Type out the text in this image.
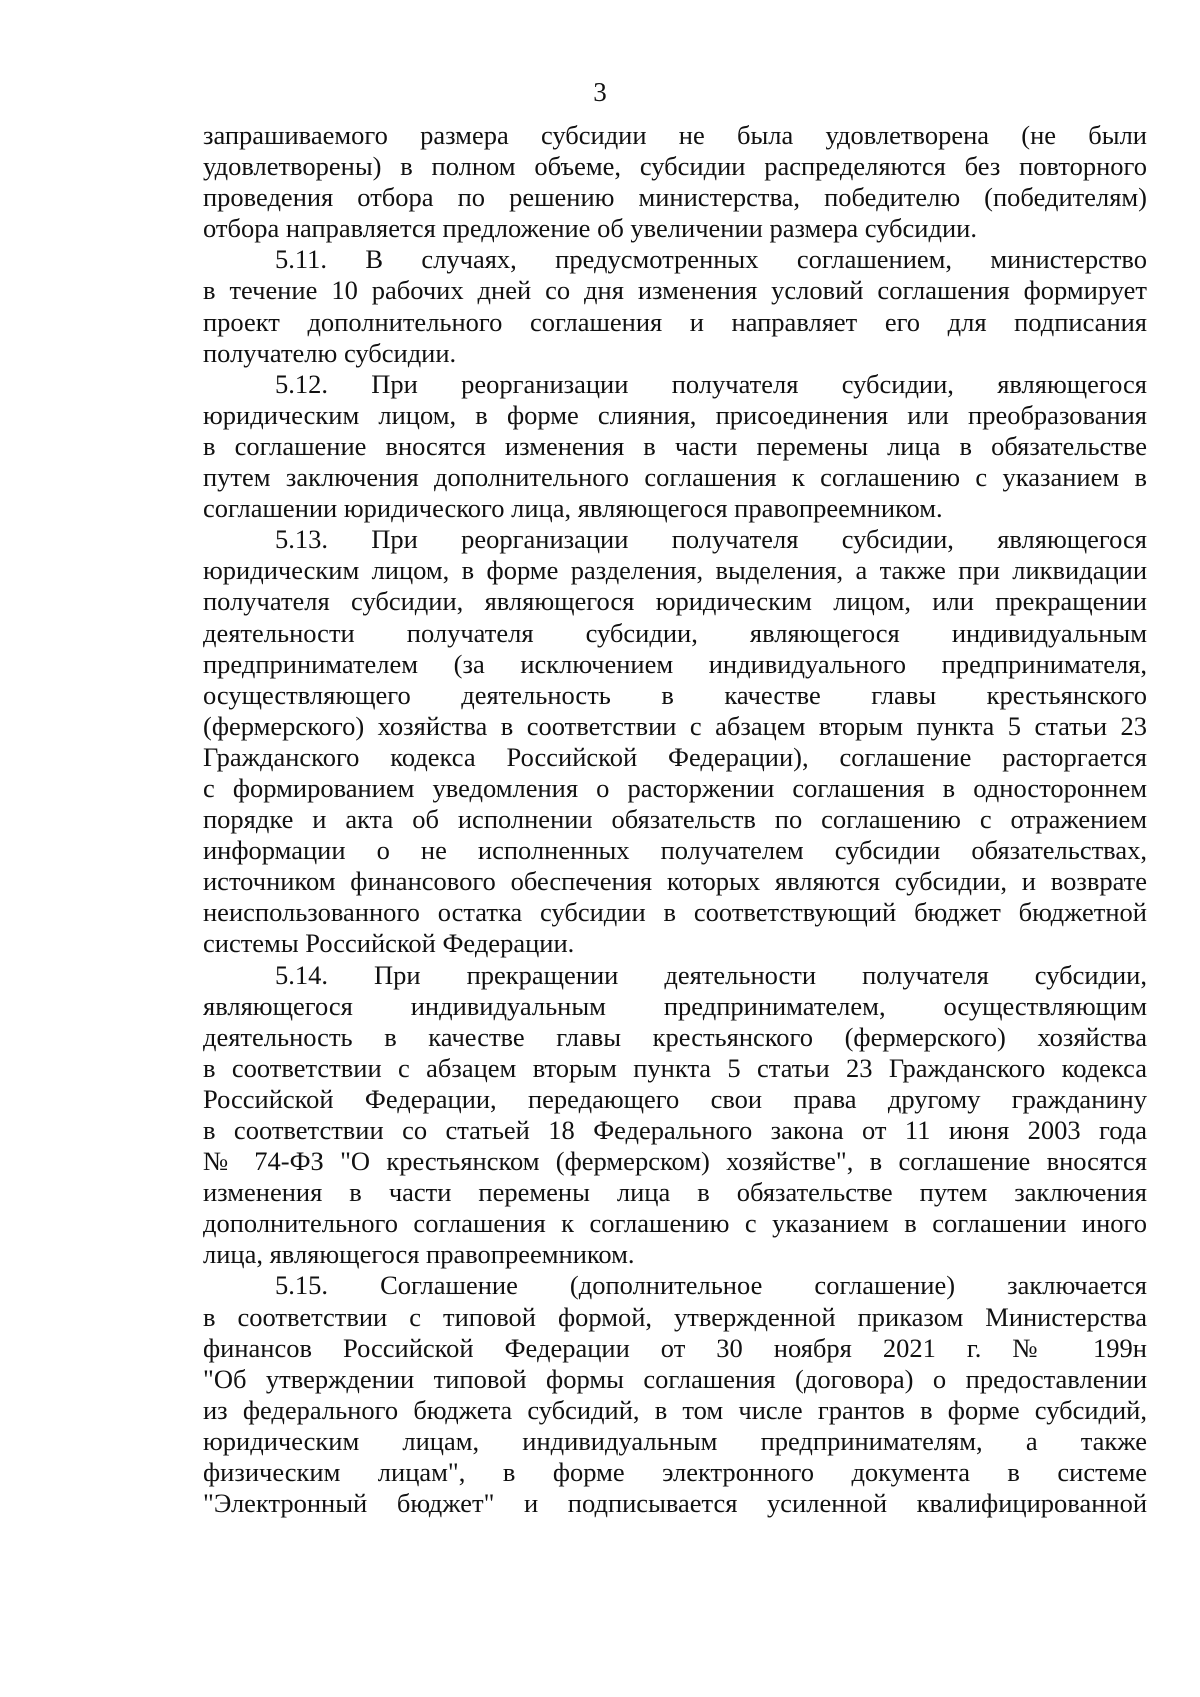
3
запрашиваемого размера субсидии не была удовлетворена (не были
удовлетворены) в полном объеме, субсидии распределяются без повторного
проведения отбора по решению министерства, победителю (победителям)
отбора направляется предложение об увеличении размера субсидии.
5.11. В случаях, предусмотренных соглашением, министерство
в течение 10 рабочих дней со дня изменения условий соглашения формирует
проект дополнительного соглашения и направляет его для подписания
получателю субсидии.
5.12. При реорганизации получателя субсидии, являющегося
юридическим лицом, в форме слияния, присоединения или преобразования
в соглашение вносятся изменения в части перемены лица в обязательстве
путем заключения дополнительного соглашения к соглашению с указанием в
соглашении юридического лица, являющегося правопреемником.
5.13. При реорганизации получателя субсидии, являющегося
юридическим лицом, в форме разделения, выделения, а также при ликвидации
получателя субсидии, являющегося юридическим лицом, или прекращении
деятельности получателя субсидии, являющегося индивидуальным
предпринимателем (за исключением индивидуального предпринимателя,
осуществляющего деятельность в качестве главы крестьянского
(фермерского) хозяйства в соответствии с абзацем вторым пункта 5 статьи 23
Гражданского кодекса Российской Федерации), соглашение расторгается
с формированием уведомления о расторжении соглашения в одностороннем
порядке и акта об исполнении обязательств по соглашению с отражением
информации о не исполненных получателем субсидии обязательствах,
источником финансового обеспечения которых являются субсидии, и возврате
неиспользованного остатка субсидии в соответствующий бюджет бюджетной
системы Российской Федерации.
5.14. При прекращении деятельности получателя субсидии,
являющегося индивидуальным предпринимателем, осуществляющим
деятельность в качестве главы крестьянского (фермерского) хозяйства
в соответствии с абзацем вторым пункта 5 статьи 23 Гражданского кодекса
Российской Федерации, передающего свои права другому гражданину
в соответствии со статьей 18 Федерального закона от 11 июня 2003 года
№ 74-ФЗ "О крестьянском (фермерском) хозяйстве", в соглашение вносятся
изменения в части перемены лица в обязательстве путем заключения
дополнительного соглашения к соглашению с указанием в соглашении иного
лица, являющегося правопреемником.
5.15. Соглашение (дополнительное соглашение) заключается
в соответствии с типовой формой, утвержденной приказом Министерства
финансов Российской Федерации от 30 ноября 2021 г. № 199н
"Об утверждении типовой формы соглашения (договора) о предоставлении
из федерального бюджета субсидий, в том числе грантов в форме субсидий,
юридическим лицам, индивидуальным предпринимателям, а также
физическим лицам", в форме электронного документа в системе
"Электронный бюджет" и подписывается усиленной квалифицированной
